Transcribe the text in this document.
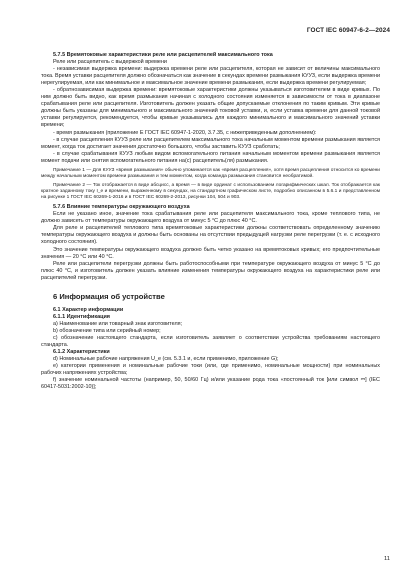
ГОСТ IEC 60947-6-2—2024

5.7.5 Времятоковые характеристики реле или расцепителей максимального тока

Реле или расцепитель с выдержкой времени

- независимая выдержка времени: выдержка времени реле или расцепителя, которая не зависит от величины максимального тока. Время уставки расцепителя должно обозначаться как значение в секундах времени размыкания КУУЗ, если выдержка времени нерегулируемая, или как минимальное и максимальное значение времени размыкания, если выдержка времени регулируемая;

- обратнозависимая выдержка времени: времятоковые характеристики должны указываться изготовителем в виде кривых. По ним должно быть видно, как время размыкания начиная с холодного состояния изменяется в зависимости от тока в диапазоне срабатывания реле или расцепителя. Изготовитель должен указать общие допускаемые отклонения по таким кривым. Эти кривые должны быть указаны для минимального и максимального значений токовой уставки, и, если уставка времени для данной токовой уставки регулируется, рекомендуется, чтобы кривые указывались для каждого минимального и максимального значений уставки времени;

- время размыкания (приложение Е ГОСТ IEC 60947-1-2020, 3.7.35, с нижеприведенным дополнением):

- в случае расцепления КУУЗ реле или расцепителем максимального тока начальным моментом времени размыкания является момент, когда ток достигает значения достаточно большого, чтобы заставить КУУЗ сработать;

- в случае срабатывания КУУЗ любым видом вспомогательного питания начальным моментом времени размыкания является момент подачи или снятия вспомогательного питания на(с) расцепитель(ля) размыкания.

Примечание 1 — Для КУУЗ «время размыкания» обычно упоминается как «время расцепления», хотя время расцепления относится ко времени между начальным моментом времени размыкания и тем моментом, когда команда размыкания становится необратимой.

Примечание 2 — Ток отображается в виде абсцисс, а время — в виде ординат с использованием логарифмических шкал. Ток отображается как кратное заданному току I_e и времени, выраженному в секундах, на стандартном графическом листе, подробно описанном в 5.6.1 и представленном на рисунке 1 ГОСТ IEC 60269-1-2016 и в ГОСТ IEC 60269-2-2013, рисунки 104, 504 и 903.

5.7.6 Влияние температуры окружающего воздуха

Если не указано иное, значение тока срабатывания реле или расцепителя максимального тока, кроме теплового типа, не должно зависеть от температуры окружающего воздуха от минус 5 °С до плюс 40 °С.

Для реле и расцепителей теплового типа времятоковые характеристики должны соответствовать определенному значению температуры окружающего воздуха и должны быть основаны на отсутствии предыдущей нагрузки реле перегрузки (т. е. с исходного холодного состояния).

Это значение температуры окружающего воздуха должно быть четко указано на времятоковых кривых; его предпочтительные значения — 20 °С или 40 °С.

Реле или расцепители перегрузки должны быть работоспособными при температуре окружающего воздуха от минус 5 °С до плюс 40 °С, и изготовитель должен указать влияние изменения температуры окружающего воздуха на характеристики реле или расцепителей перегрузки.

6 Информация об устройстве

6.1 Характер информации

6.1.1 Идентификация

а) Наименование или товарный знак изготовителя;

b) обозначение типа или серийный номер;

с) обозначение настоящего стандарта, если изготовитель заявляет о соответствии устройства требованиям настоящего стандарта.

6.1.2 Характеристики

d) Номинальные рабочие напряжения U_e (см. 5.3.1 и, если применимо, приложение G);

е) категории применения и номинальные рабочие токи (или, где применимо, номинальные мощности) при номинальных рабочих напряжениях устройства;

f) значение номинальной частоты (например, 50, 50/60 Гц) и/или указание рода тока «постоянный ток [или символ ⎓] (IEC 60417-5031:2002-10)];

11
